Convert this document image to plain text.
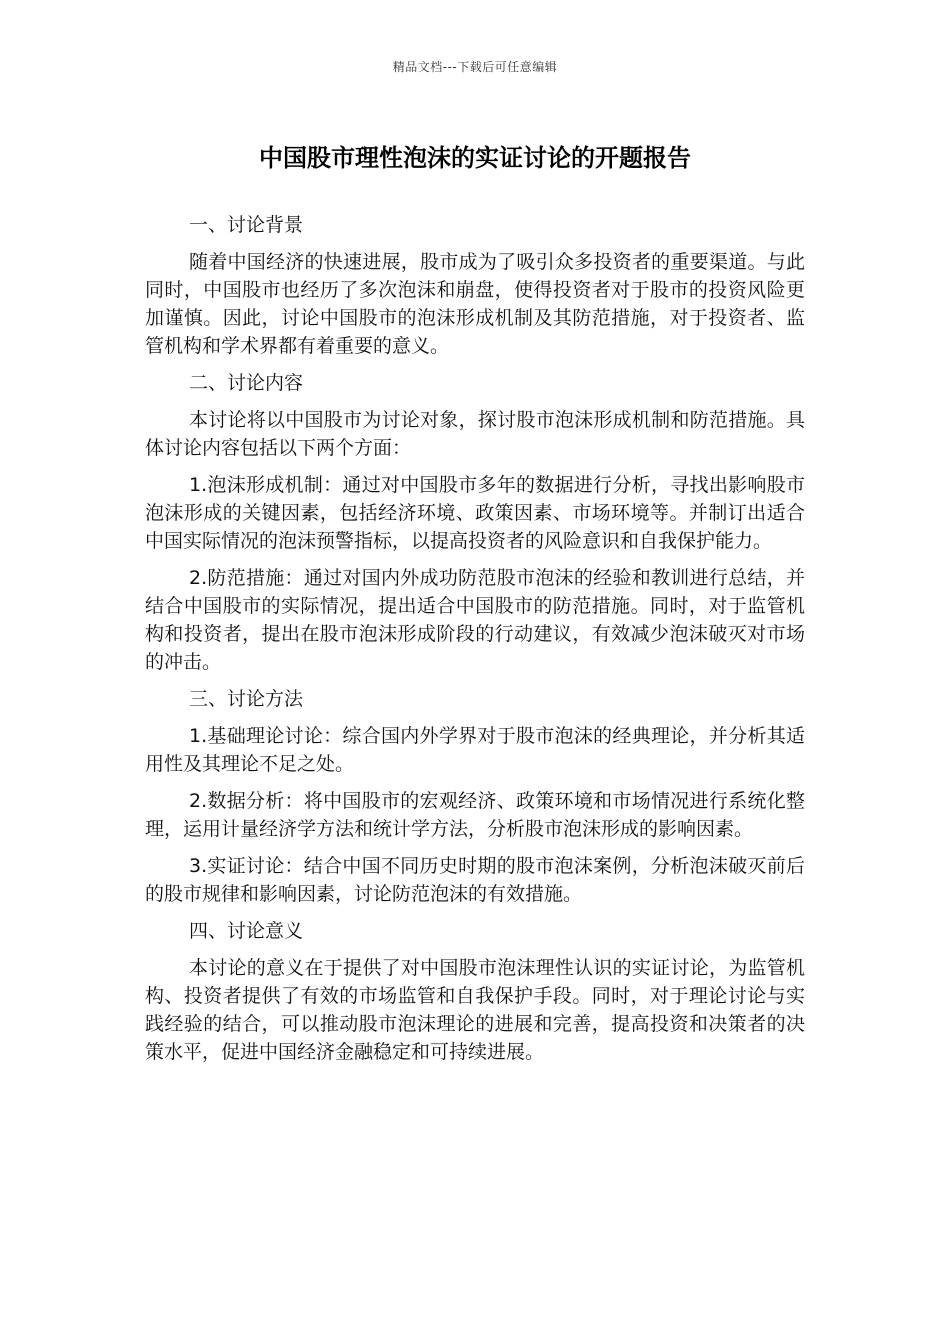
精品文档---下载后可任意编辑
中国股市理性泡沫的实证讨论的开题报告

一、讨论背景

随着中国经济的快速进展，股市成为了吸引众多投资者的重要渠道。与此同时，中国股市也经历了多次泡沫和崩盘，使得投资者对于股市的投资风险更加谨慎。因此，讨论中国股市的泡沫形成机制及其防范措施，对于投资者、监管机构和学术界都有着重要的意义。

二、讨论内容

本讨论将以中国股市为讨论对象，探讨股市泡沫形成机制和防范措施。具体讨论内容包括以下两个方面：

1.泡沫形成机制：通过对中国股市多年的数据进行分析，寻找出影响股市泡沫形成的关键因素，包括经济环境、政策因素、市场环境等。并制订出适合中国实际情况的泡沫预警指标，以提高投资者的风险意识和自我保护能力。

2.防范措施：通过对国内外成功防范股市泡沫的经验和教训进行总结，并结合中国股市的实际情况，提出适合中国股市的防范措施。同时，对于监管机构和投资者，提出在股市泡沫形成阶段的行动建议，有效减少泡沫破灭对市场的冲击。

三、讨论方法

1.基础理论讨论：综合国内外学界对于股市泡沫的经典理论，并分析其适用性及其理论不足之处。

2.数据分析：将中国股市的宏观经济、政策环境和市场情况进行系统化整理，运用计量经济学方法和统计学方法，分析股市泡沫形成的影响因素。

3.实证讨论：结合中国不同历史时期的股市泡沫案例，分析泡沫破灭前后的股市规律和影响因素，讨论防范泡沫的有效措施。

四、讨论意义

本讨论的意义在于提供了对中国股市泡沫理性认识的实证讨论，为监管机构、投资者提供了有效的市场监管和自我保护手段。同时，对于理论讨论与实践经验的结合，可以推动股市泡沫理论的进展和完善，提高投资和决策者的决策水平，促进中国经济金融稳定和可持续进展。
